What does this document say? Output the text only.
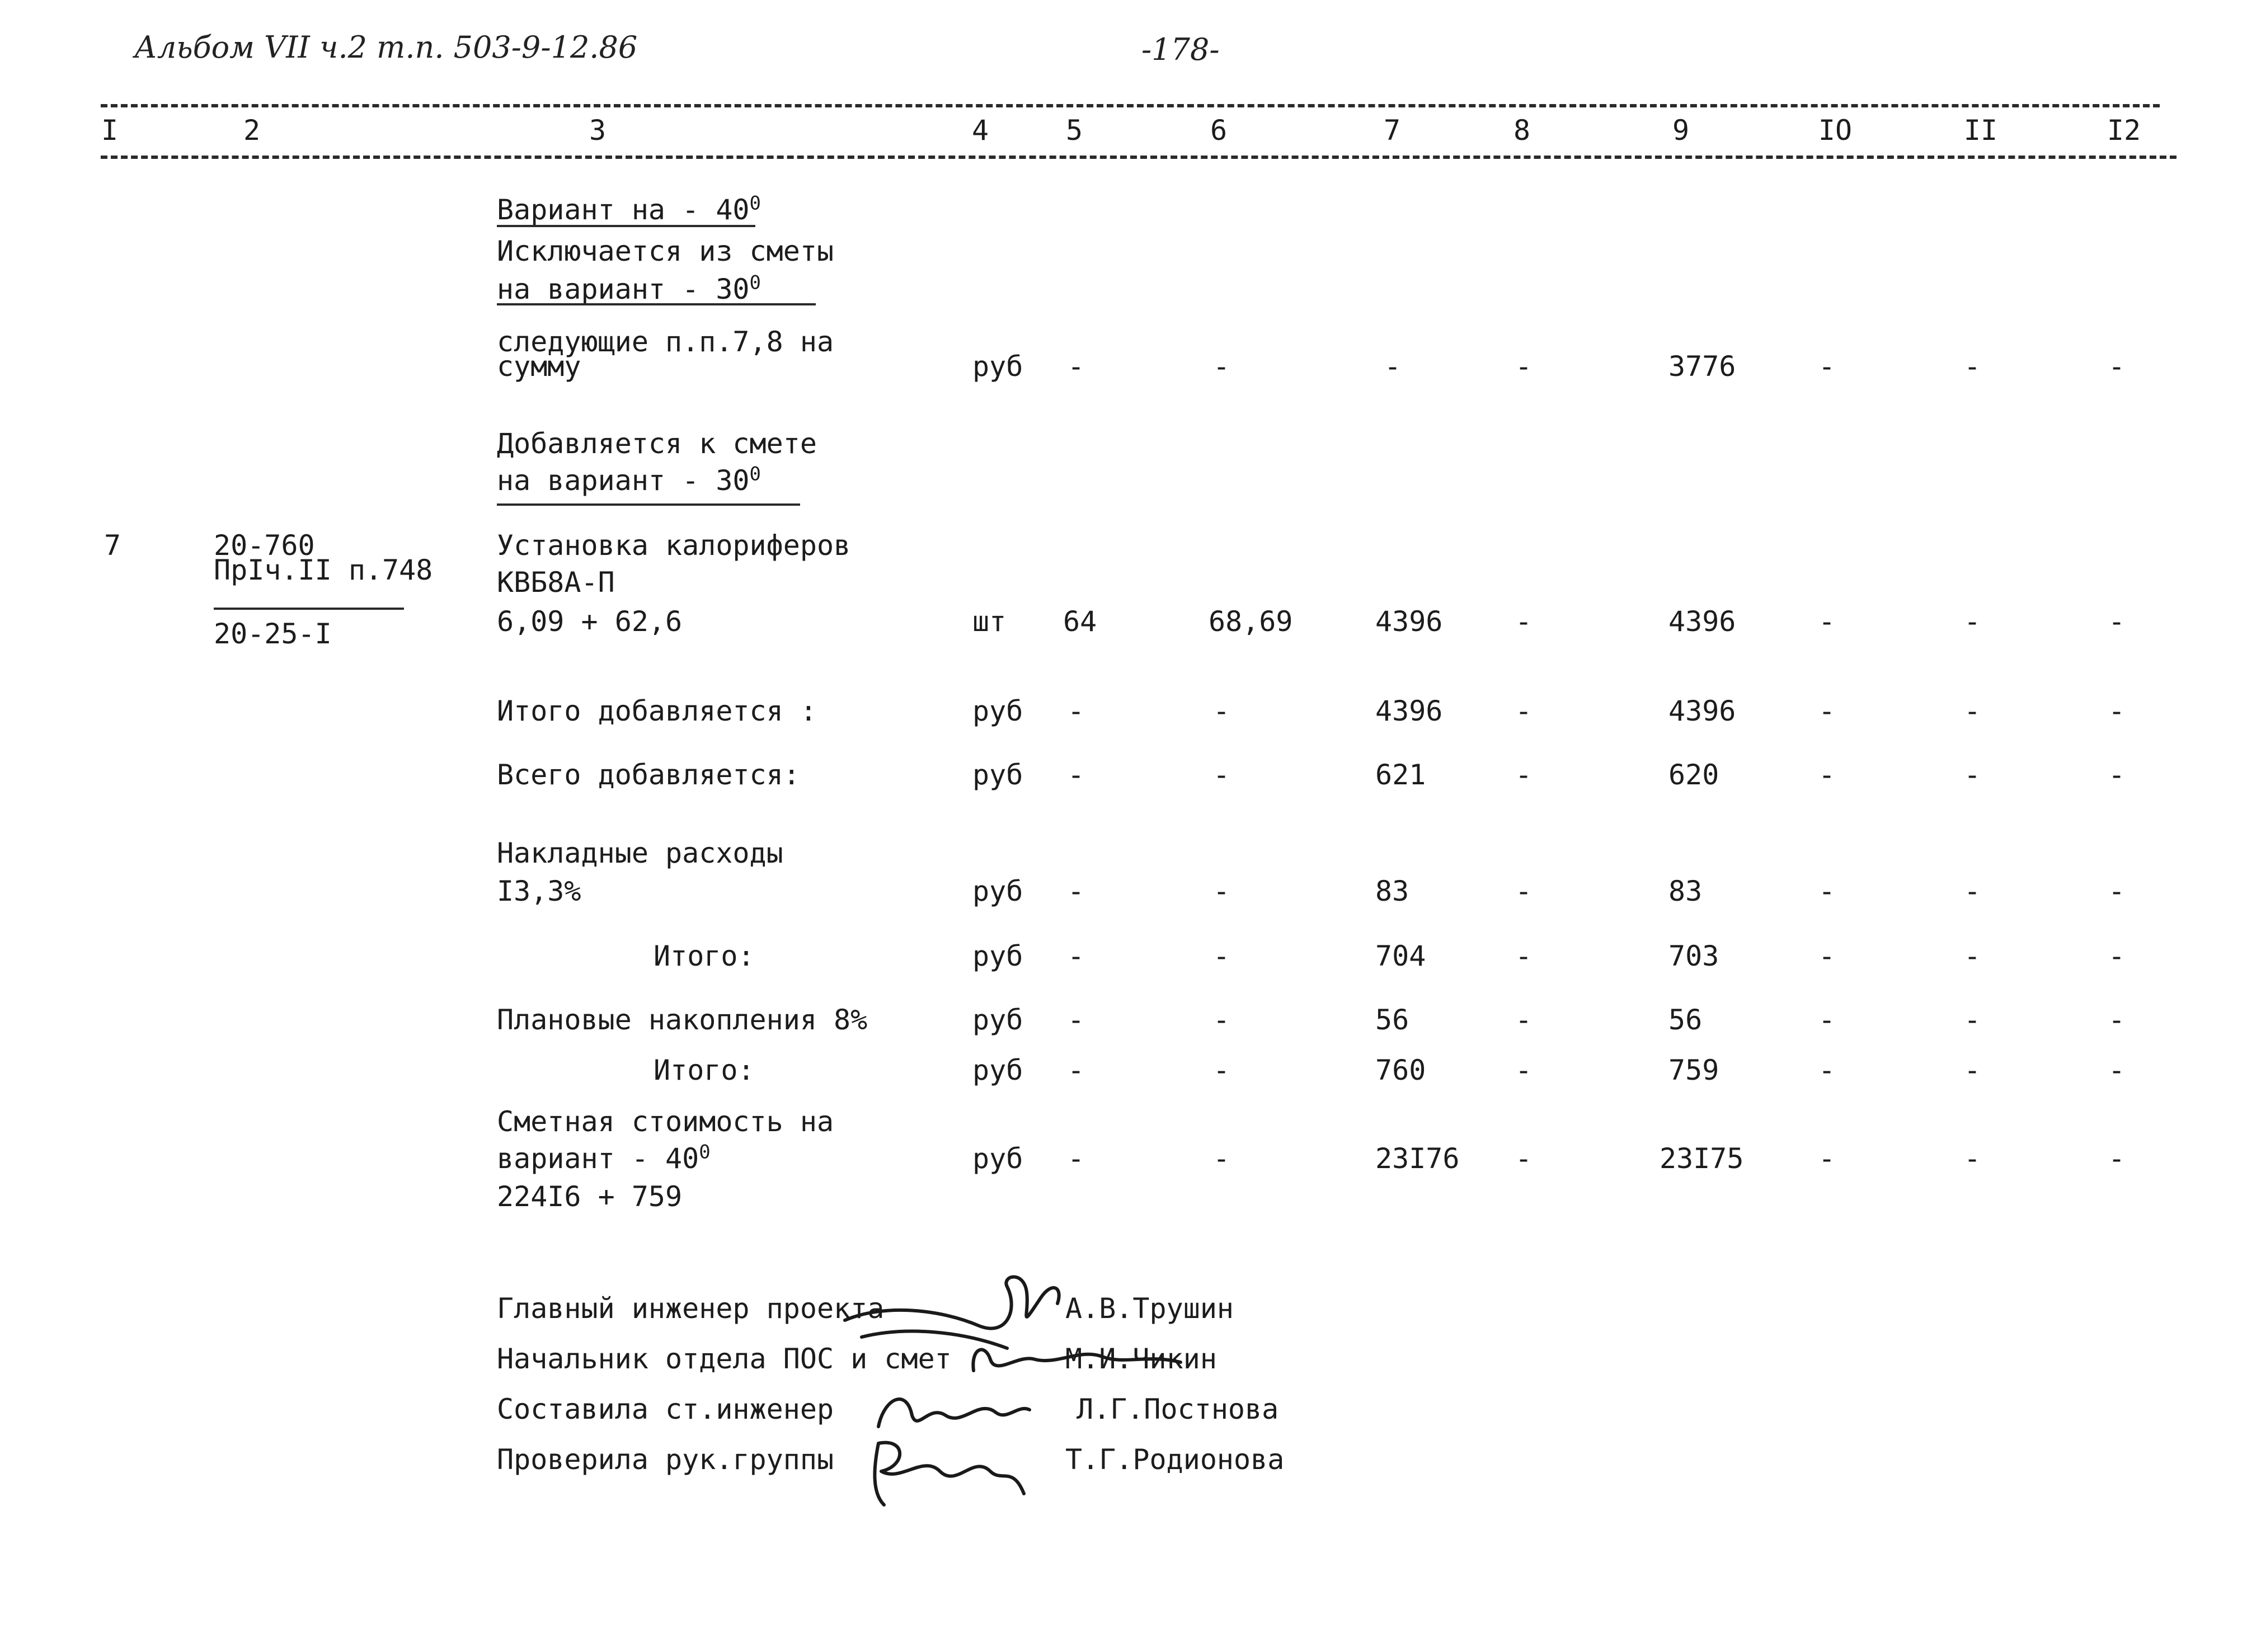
Альбом VII ч.2 т.п. 503-9-12.86	-178-
I	2	3	4	5	6	7	8	9	IO	II	I2
Вариант на - $40^0$
Исключается из сметы
на вариант - $30^0$
следующие п.п.7,8 на
сумму	руб -	-	-	-	3776	-	-	-
Добавляется к смете
на вариант - $30^0$
7	20-760
ПрIч.II п.748
20-25-I
Установка калориферов
КВБ8А-П
6,09 + 62,6	шт 64	68,69	4396	-	4396	-	-	-
Итого добавляется :	руб -	-	4396	-	4396	-	-	-
Всего добавляется:	руб -	-	621	-	620	-	-	-
Накладные расходы
I3,3%	руб -	-	83	-	83	-	-	-
Итого:	руб -	-	704	-	703	-	-	-
Плановые накопления 8%	руб -	-	56	-	56	-	-	-
Итого:	руб -	-	760	-	759	-	-	-
Сметная стоимость на
вариант - $40^0$
224I6 + 759
руб -	-	23I76 -	23I75	-	-	-
Главный инженер проекта	А.В.Трушин
Начальник отдела ПОС и смет	М.И.Чикин
Составила ст.инженер	Л.Г.Постнова
Проверила рук.группы	Т.Г.Родионова
